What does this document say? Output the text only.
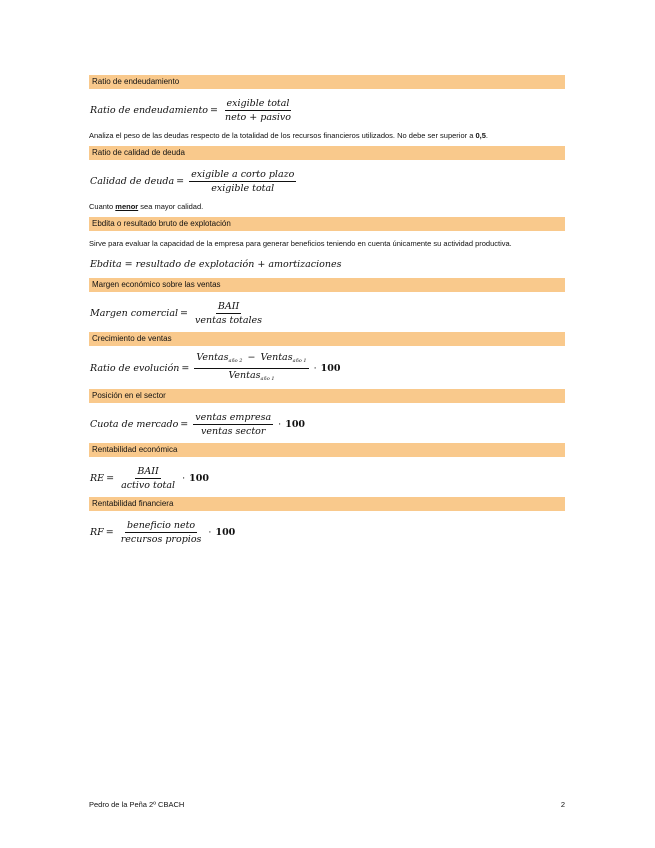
Ratio de endeudamiento
Ratio de endeudamiento = $\frac{\text{exigible total}}{\text{neto + pasivo}}$
Analiza el peso de las deudas respecto de la totalidad de los recursos financieros utilizados. No debe ser superior a 0,5.
Ratio de calidad de deuda
Calidad de deuda = $\frac{\text{exigible a corto plazo}}{\text{exigible total}}$
Cuanto menor sea mayor calidad.
Ebdita o resultado bruto de explotación
Sirve para evaluar la capacidad de la empresa para generar beneficios teniendo en cuenta únicamente su actividad productiva.
Ebdita = resultado de explotación + amortizaciones
Margen económico sobre las ventas
Margen comercial = $\frac{\text{BAII}}{\text{ventas totales}}$
Crecimiento de ventas
Ratio de evolución = $\frac{Ventas_{año 2} - Ventas_{año 1}}{Ventas_{año 1}} \cdot 100$
Posición en el sector
Cuota de mercado = $\frac{\text{ventas empresa}}{\text{ventas sector}} \cdot 100$
Rentabilidad económica
RE = $\frac{\text{BAII}}{\text{activo total}} \cdot 100$
Rentabilidad financiera
RF = $\frac{\text{beneficio neto}}{\text{recursos propios}} \cdot 100$
Pedro de la Peña 2º CBACH	2
